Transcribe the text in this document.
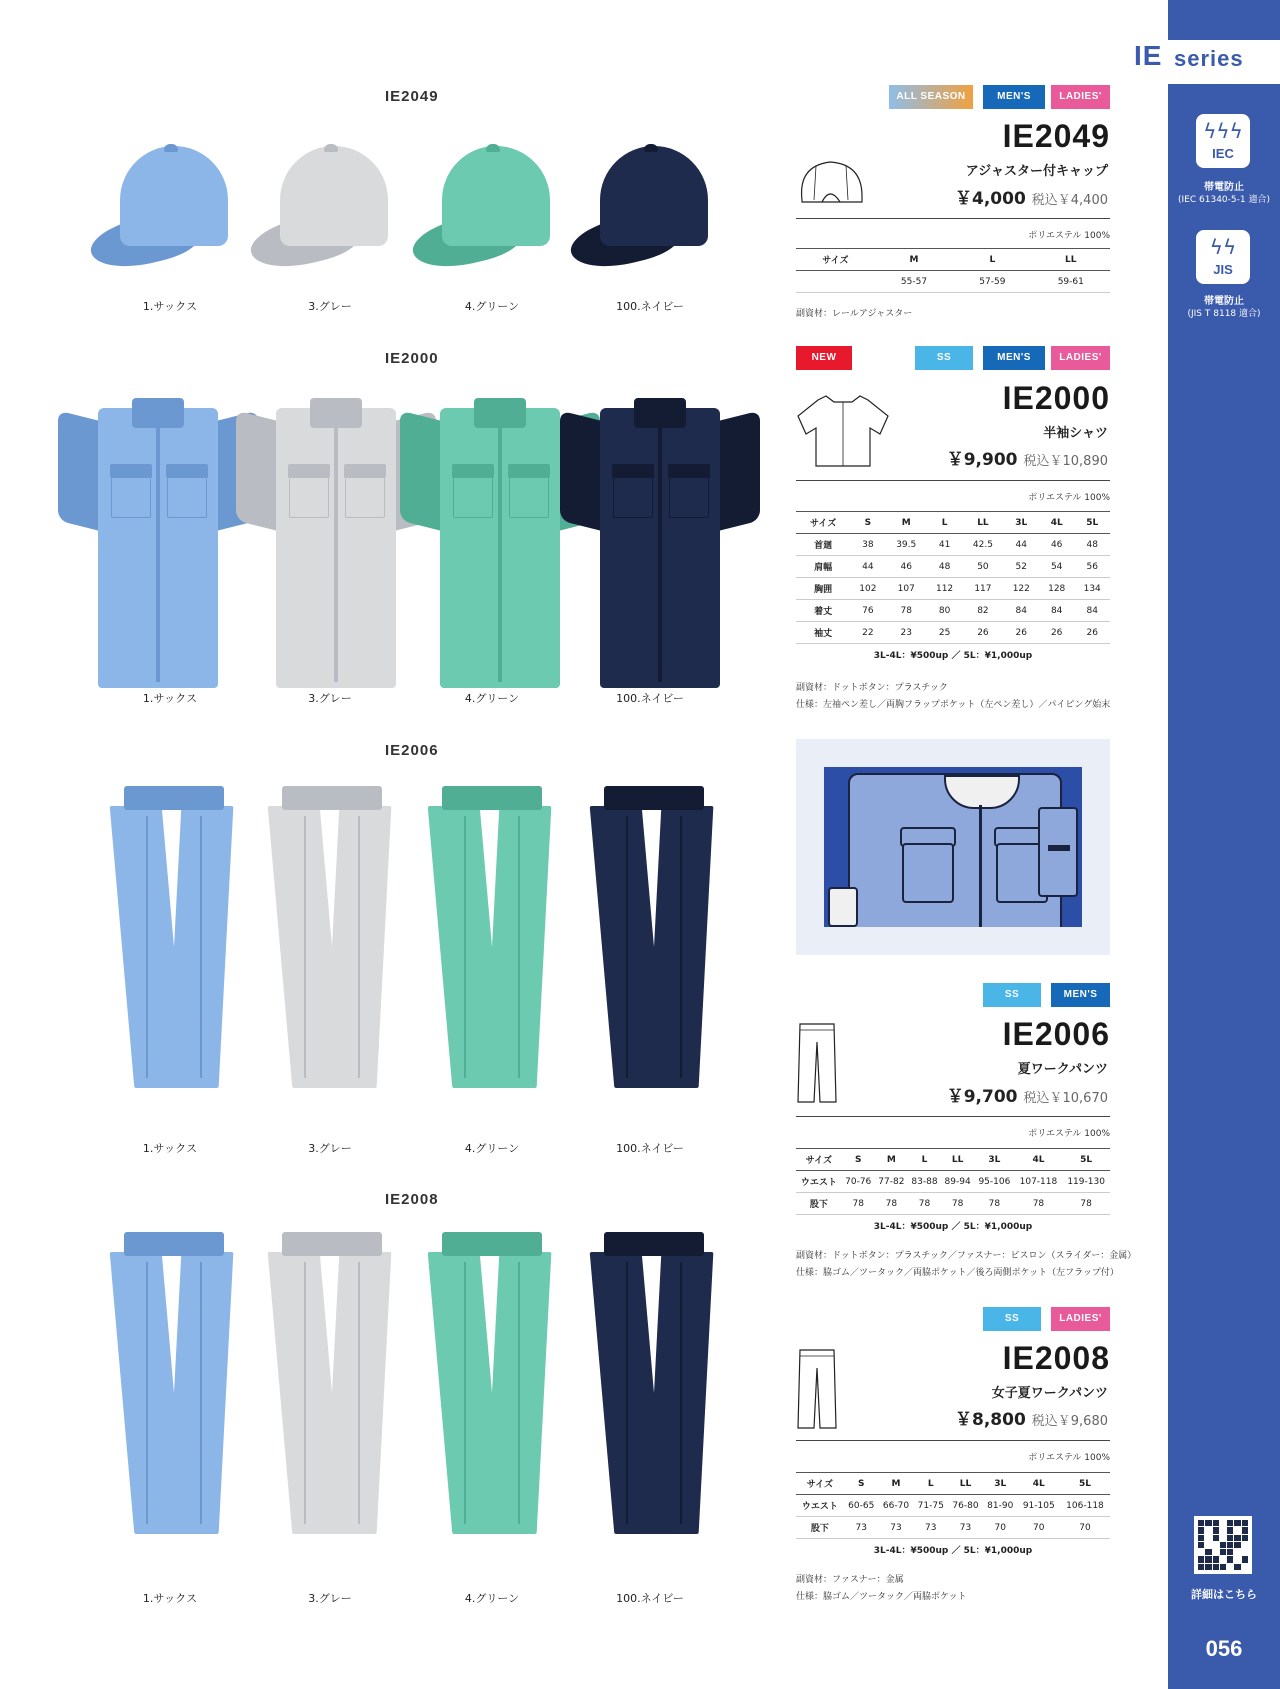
IE series
ϟϟϟ
IEC
帯電防止
(IEC 61340-5-1 適合)
ϟϟ
JIS
帯電防止
(JIS T 8118 適合)
詳細はこちら
056
IE2049
1.サックス	3.グレー	4.グリーン	100.ネイビー
IE2000
1.サックス	3.グレー	4.グリーン	100.ネイビー
IE2006
1.サックス	3.グレー	4.グリーン	100.ネイビー
IE2008
1.サックス	3.グレー	4.グリーン	100.ネイビー
ALL SEASON	MEN'S	LADIES'
IE2049
アジャスター付キャップ
￥4,000 税込￥4,400
ポリエステル 100%
サイズ	M	L	LL
	55-57	57-59	59-61
副資材：レールアジャスター
NEW	SS	MEN'S	LADIES'
IE2000
半袖シャツ
￥9,900 税込￥10,890
ポリエステル 100%
サイズ	S	M	L	LL	3L	4L	5L
首廻	38	39.5	41	42.5	44	46	48
肩幅	44	46	48	50	52	54	56
胸囲	102	107	112	117	122	128	134
着丈	76	78	80	82	84	84	84
袖丈	22	23	25	26	26	26	26
3L-4L：¥500up ／ 5L：¥1,000up							
副資材：ドットボタン：プラスチック
仕様：左袖ペン差し／両胸フラップポケット（左ペン差し）／パイピング始末
SS	MEN'S
IE2006
夏ワークパンツ
￥9,700 税込￥10,670
ポリエステル 100%
サイズ	S	M	L	LL	3L	4L	5L
ウエスト	70-76	77-82	83-88	89-94	95-106	107-118	119-130
股下	78	78	78	78	78	78	78
3L-4L：¥500up ／ 5L：¥1,000up							
副資材：ドットボタン：プラスチック／ファスナー：ビスロン（スライダー：金属）
仕様：脇ゴム／ツータック／両脇ポケット／後ろ両側ポケット（左フラップ付）
SS	LADIES'
IE2008
女子夏ワークパンツ
￥8,800 税込￥9,680
ポリエステル 100%
サイズ	S	M	L	LL	3L	4L	5L
ウエスト	60-65	66-70	71-75	76-80	81-90	91-105	106-118
股下	73	73	73	73	70	70	70
3L-4L：¥500up ／ 5L：¥1,000up							
副資材：ファスナー：金属
仕様：脇ゴム／ツータック／両脇ポケット
